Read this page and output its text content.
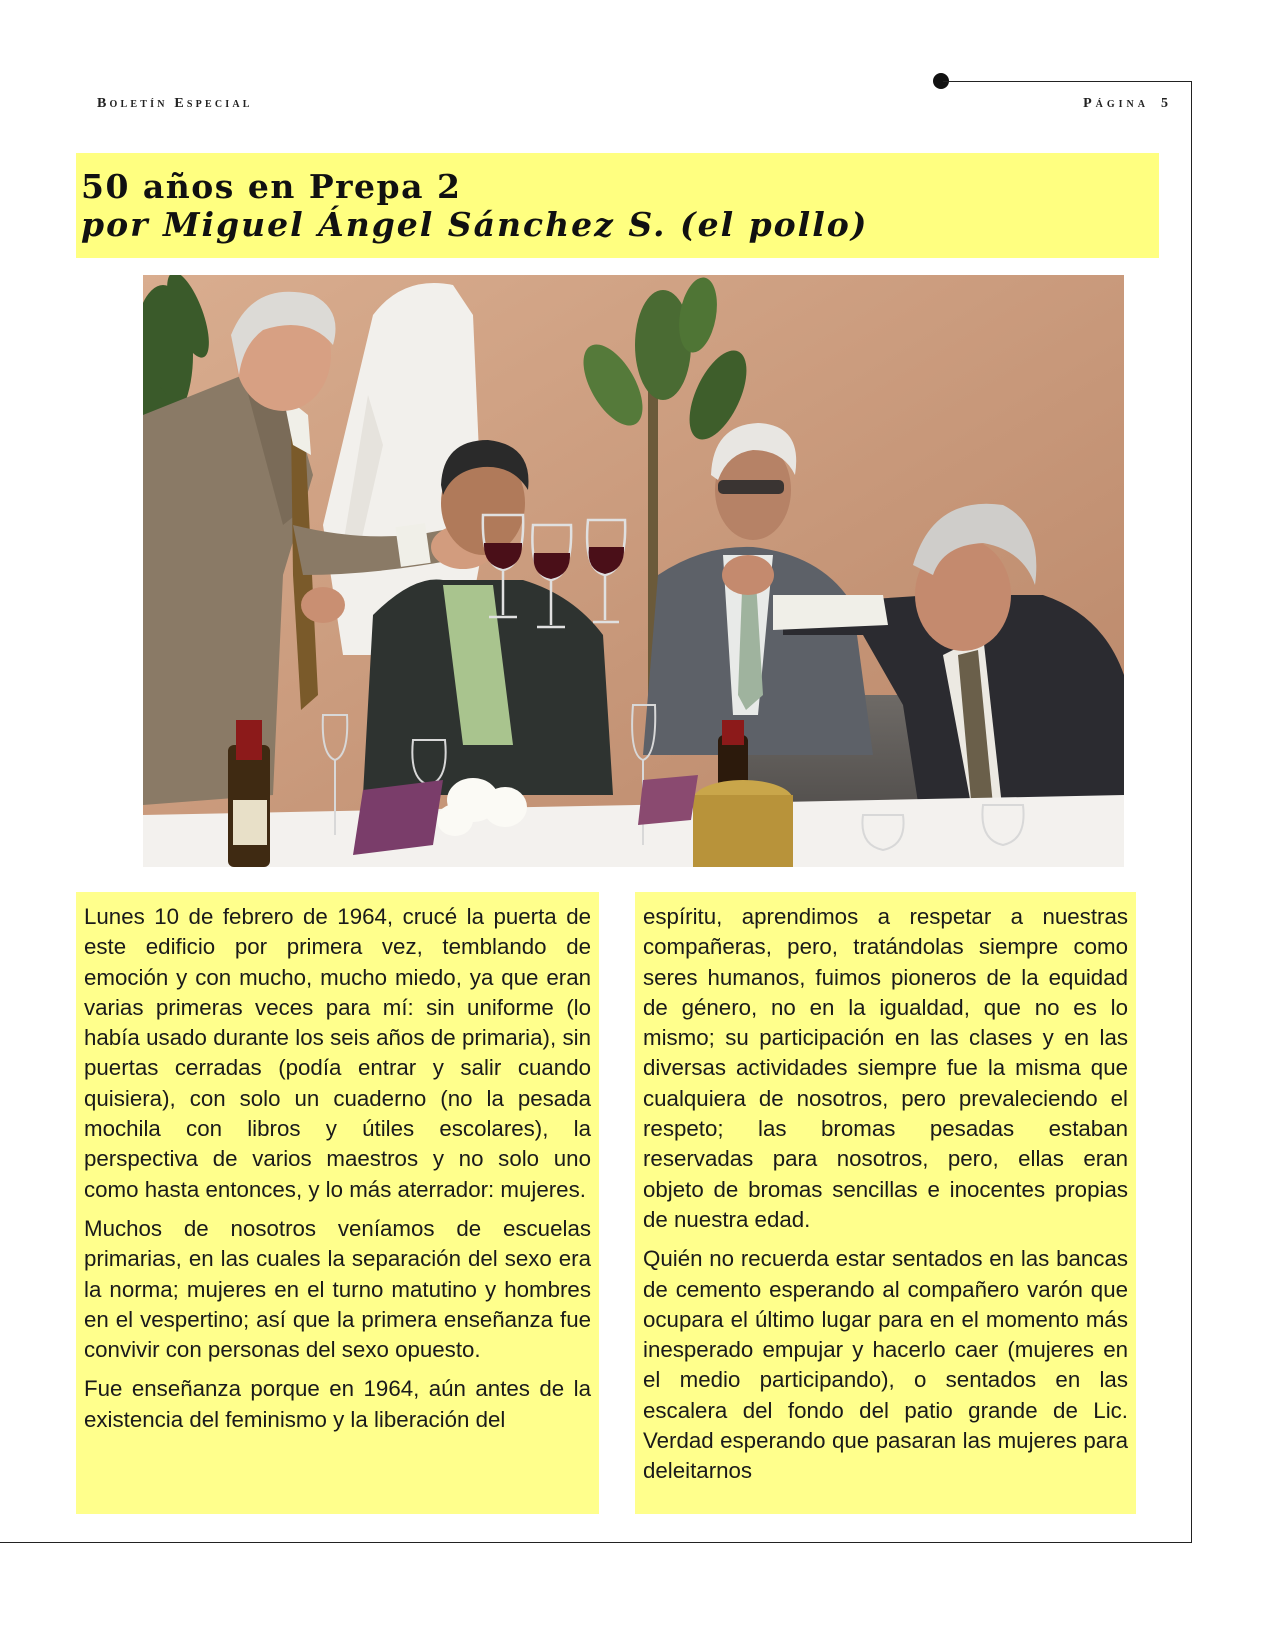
Boletín Especial	Página 5
50 años en Prepa 2
por Miguel Ángel Sánchez S. (el pollo)

Lunes 10 de febrero de 1964, crucé la puerta de este edificio por primera vez, temblando de emoción y con mucho, mucho miedo, ya que eran varias primeras veces para mí: sin uniforme (lo había usado durante los seis años de primaria), sin puertas cerradas (podía entrar y salir cuando quisiera), con solo un cuaderno (no la pesada mochila con libros y útiles escolares), la perspectiva de varios maestros y no solo uno como hasta entonces, y lo más aterrador: mujeres.

Muchos de nosotros veníamos de escuelas primarias, en las cuales la separación del sexo era la norma; mujeres en el turno matutino y hombres en el vespertino; así que la primera enseñanza fue convivir con personas del sexo opuesto.

Fue enseñanza porque en 1964, aún antes de la existencia del feminismo y la liberación del

espíritu, aprendimos a respetar a nuestras compañeras, pero, tratándolas siempre como seres humanos, fuimos pioneros de la equidad de género, no en la igualdad, que no es lo mismo; su participación en las clases y en las diversas actividades siempre fue la misma que cualquiera de nosotros, pero prevaleciendo el respeto; las bromas pesadas estaban reservadas para nosotros, pero, ellas eran objeto de bromas sencillas e inocentes propias de nuestra edad.

Quién no recuerda estar sentados en las bancas de cemento esperando al compañero varón que ocupara el último lugar para en el momento más inesperado empujar y hacerlo caer (mujeres en el medio participando), o sentados en las escalera del fondo del patio grande de Lic. Verdad esperando que pasaran las mujeres para deleitarnos
